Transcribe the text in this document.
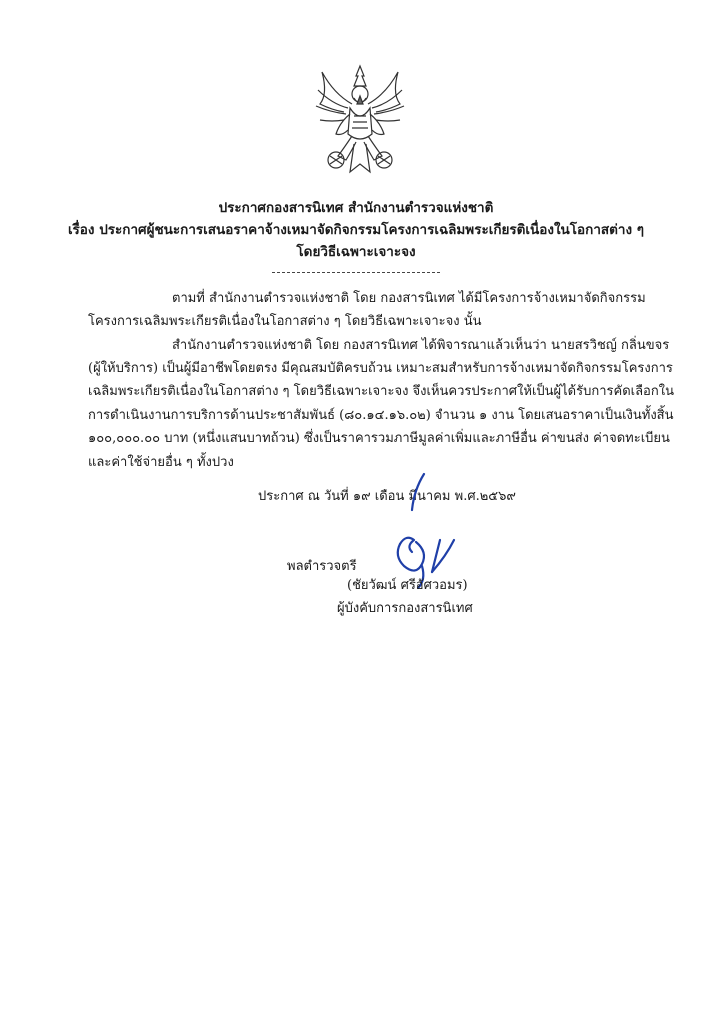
ประกาศกองสารนิเทศ สำนักงานตำรวจแห่งชาติ
เรื่อง ประกาศผู้ชนะการเสนอราคาจ้างเหมาจัดกิจกรรมโครงการเฉลิมพระเกียรติเนื่องในโอกาสต่าง ๆ
โดยวิธีเฉพาะเจาะจง
ตามที่ สำนักงานตำรวจแห่งชาติ โดย กองสารนิเทศ ได้มีโครงการจ้างเหมาจัดกิจกรรม
โครงการเฉลิมพระเกียรติเนื่องในโอกาสต่าง ๆ โดยวิธีเฉพาะเจาะจง นั้น
สำนักงานตำรวจแห่งชาติ โดย กองสารนิเทศ ได้พิจารณาแล้วเห็นว่า นายสรวิชญ์ กลิ่นขจร
(ผู้ให้บริการ) เป็นผู้มีอาชีพโดยตรง มีคุณสมบัติครบถ้วน เหมาะสมสำหรับการจ้างเหมาจัดกิจกรรมโครงการ
เฉลิมพระเกียรติเนื่องในโอกาสต่าง ๆ โดยวิธีเฉพาะเจาะจง จึงเห็นควรประกาศให้เป็นผู้ได้รับการคัดเลือกใน
การดำเนินงานการบริการด้านประชาสัมพันธ์ (๘๐.๑๔.๑๖.๐๒) จำนวน ๑ งาน โดยเสนอราคาเป็นเงินทั้งสิ้น
๑๐๐,๐๐๐.๐๐ บาท (หนึ่งแสนบาทถ้วน) ซึ่งเป็นราคารวมภาษีมูลค่าเพิ่มและภาษีอื่น ค่าขนส่ง ค่าจดทะเบียน
และค่าใช้จ่ายอื่น ๆ ทั้งปวง
ประกาศ ณ วันที่ ๑๙ เดือน มีนาคม พ.ศ.๒๕๖๙
พลตำรวจตรี
(ชัยวัฒน์ ศรีอัศวอมร)
ผู้บังคับการกองสารนิเทศ
